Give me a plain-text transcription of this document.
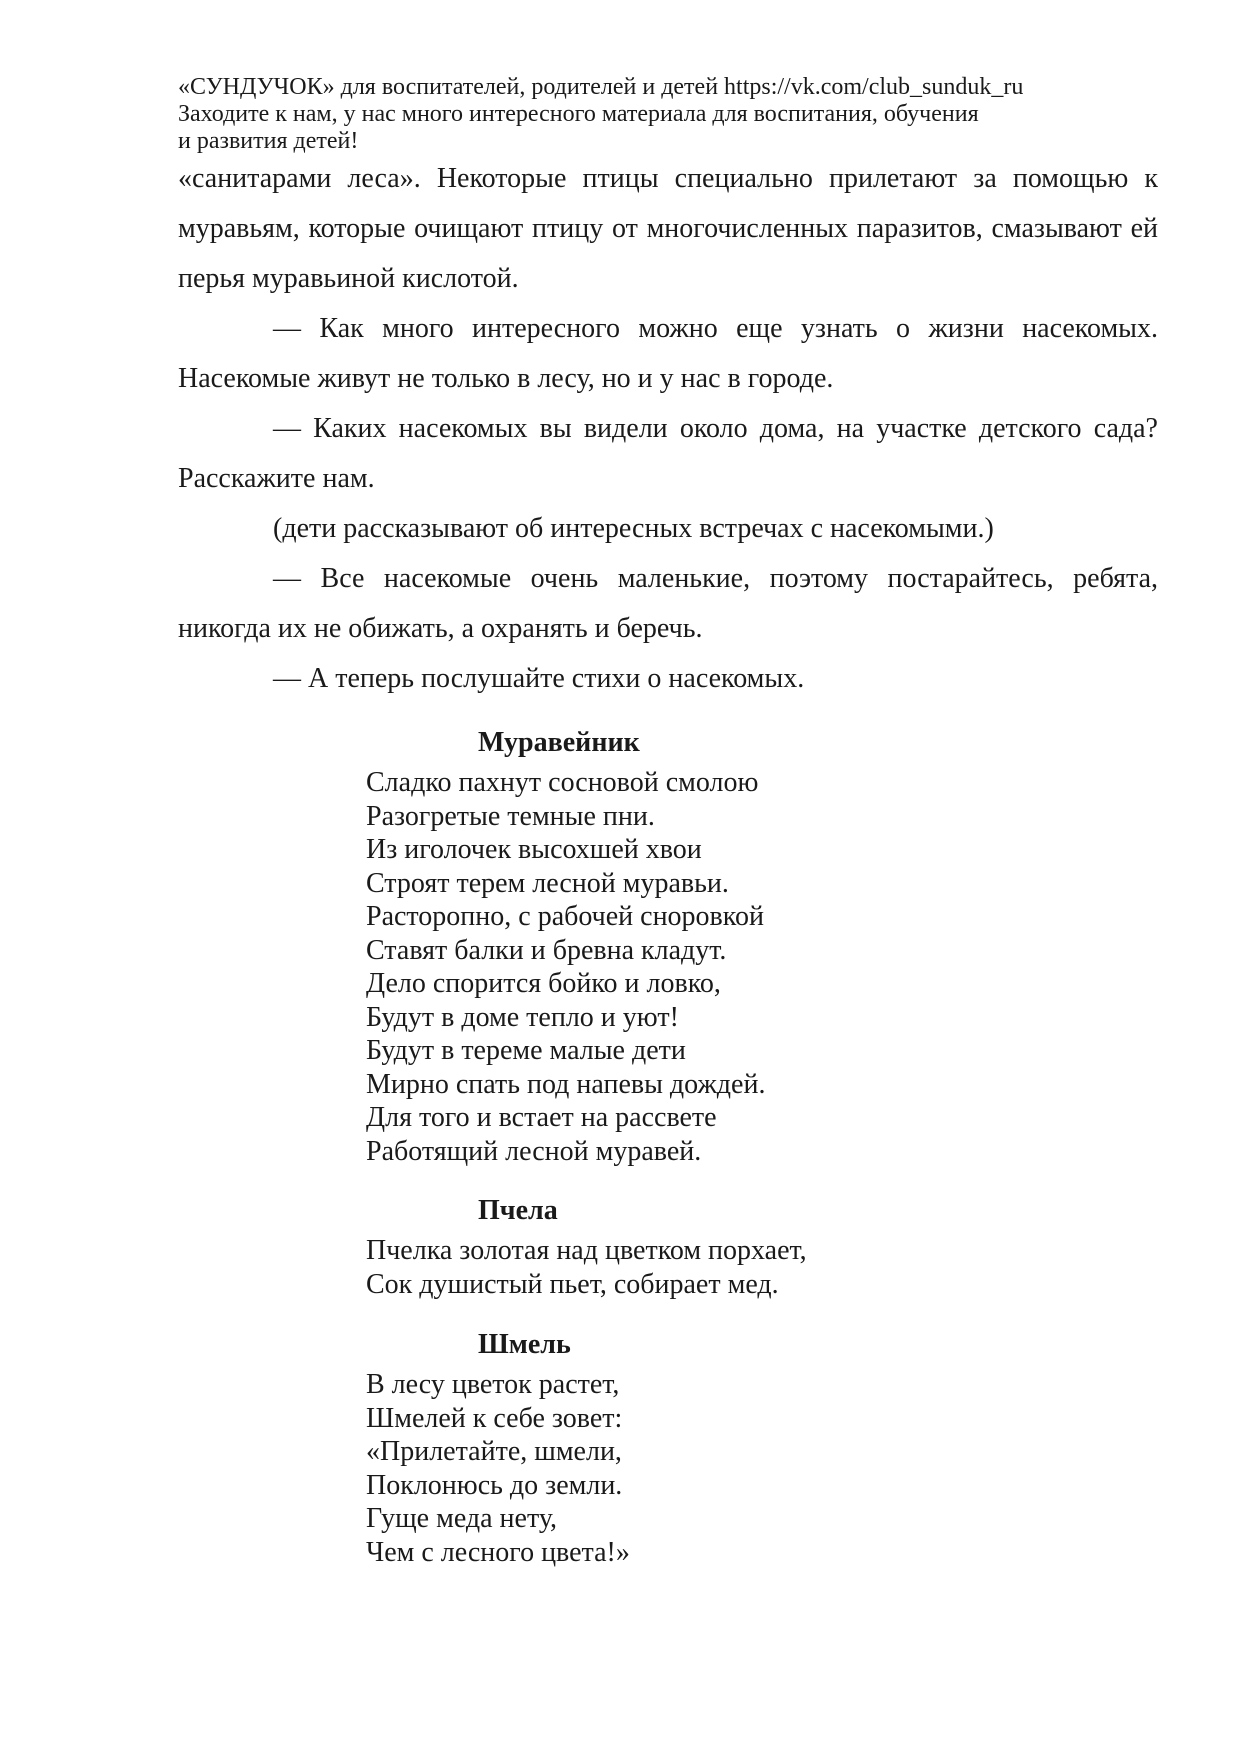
«СУНДУЧОК» для воспитателей, родителей и детей https://vk.com/club_sunduk_ru
Заходите к нам, у нас много интересного материала для воспитания, обучения
и развития детей!

«санитарами леса». Некоторые птицы специально прилетают за помощью к муравьям, которые очищают птицу от многочисленных паразитов, смазывают ей перья муравьиной кислотой.

— Как много интересного можно еще узнать о жизни насекомых. Насекомые живут не только в лесу, но и у нас в городе.

— Каких насекомых вы видели около дома, на участке детского сада? Расскажите нам.

(дети рассказывают об интересных встречах с насекомыми.)

— Все насекомые очень маленькие, поэтому постарайтесь, ребята, никогда их не обижать, а охранять и беречь.

— А теперь послушайте стихи о насекомых.

Муравейник
Сладко пахнут сосновой смолою
Разогретые темные пни.
Из иголочек высохшей хвои
Строят терем лесной муравьи.
Расторопно, с рабочей сноровкой
Ставят балки и бревна кладут.
Дело спорится бойко и ловко,
Будут в доме тепло и уют!
Будут в тереме малые дети
Мирно спать под напевы дождей.
Для того и встает на рассвете
Работящий лесной муравей.
Пчела
Пчелка золотая над цветком порхает,
Сок душистый пьет, собирает мед.
Шмель
В лесу цветок растет,
Шмелей к себе зовет:
«Прилетайте, шмели,
Поклонюсь до земли.
Гуще меда нету,
Чем с лесного цвета!»
